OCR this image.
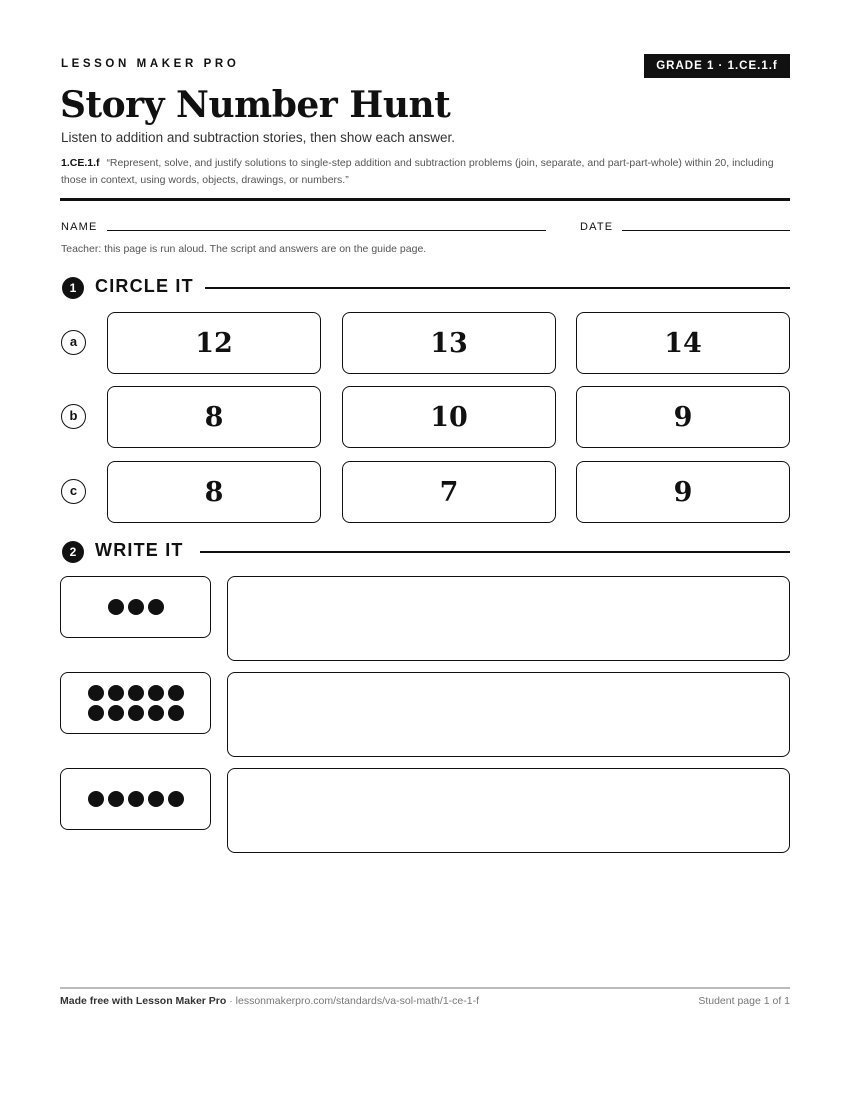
LESSON MAKER PRO	GRADE 1 · 1.CE.1.f
Story Number Hunt
Listen to addition and subtraction stories, then show each answer.
1.CE.1.f “Represent, solve, and justify solutions to single-step addition and subtraction problems (join, separate, and part-part-whole) within 20, including those in context, using words, objects, drawings, or numbers.”
NAME	DATE
Teacher: this page is run aloud. The script and answers are on the guide page.
1	CIRCLE IT
a	12	13	14
b	8	10	9
c	8	7	9
2	WRITE IT
Made free with Lesson Maker Pro · lessonmakerpro.com/standards/va-sol-math/1-ce-1-f	Student page 1 of 1
